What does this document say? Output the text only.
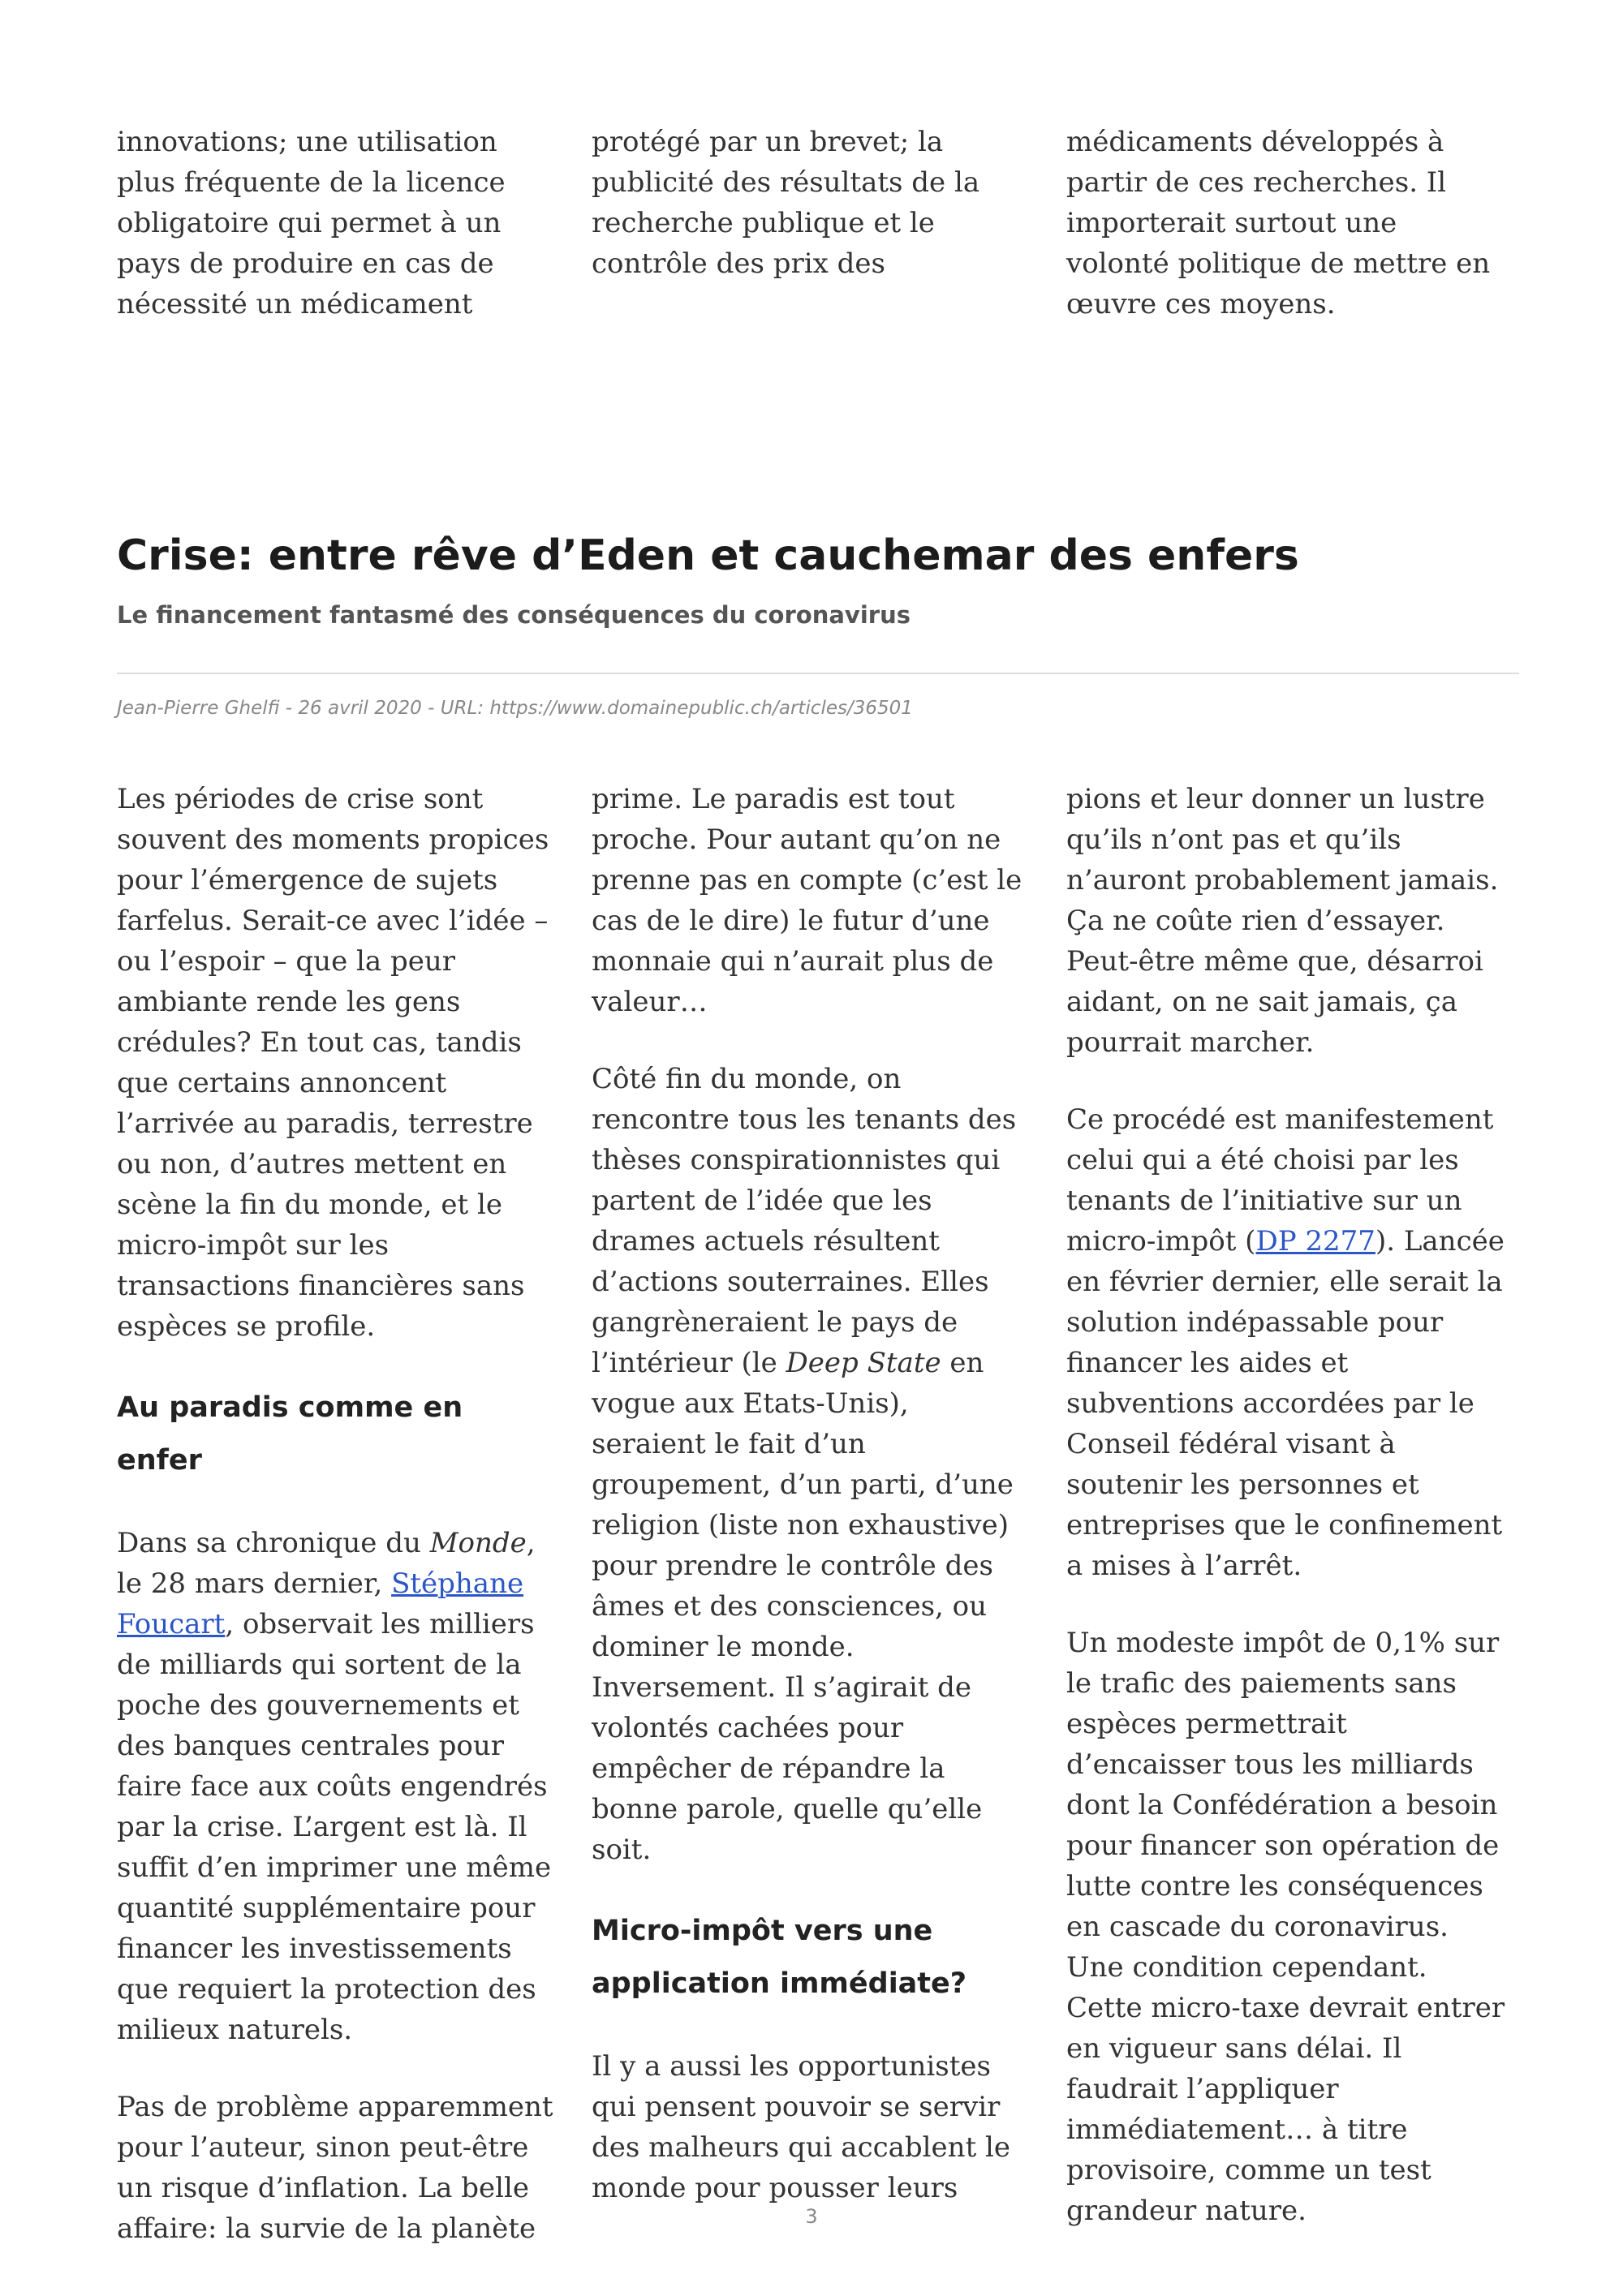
innovations; une utilisation plus fréquente de la licence obligatoire qui permet à un pays de produire en cas de nécessité un médicament

protégé par un brevet; la publicité des résultats de la recherche publique et le contrôle des prix des

médicaments développés à partir de ces recherches. Il importerait surtout une volonté politique de mettre en œuvre ces moyens.

Crise: entre rêve d’Eden et cauchemar des enfers
Le financement fantasmé des conséquences du coronavirus

Jean-Pierre Ghelfi - 26 avril 2020 - URL: https://www.domainepublic.ch/articles/36501

Les périodes de crise sont souvent des moments propices pour l’émergence de sujets farfelus. Serait-ce avec l’idée – ou l’espoir – que la peur ambiante rende les gens crédules? En tout cas, tandis que certains annoncent l’arrivée au paradis, terrestre ou non, d’autres mettent en scène la fin du monde, et le micro-impôt sur les transactions financières sans espèces se profile.

Au paradis comme en enfer

Dans sa chronique du Monde, le 28 mars dernier, Stéphane Foucart, observait les milliers de milliards qui sortent de la poche des gouvernements et des banques centrales pour faire face aux coûts engendrés par la crise. L’argent est là. Il suffit d’en imprimer une même quantité supplémentaire pour financer les investissements que requiert la protection des milieux naturels.

Pas de problème apparemment pour l’auteur, sinon peut-être un risque d’inflation. La belle affaire: la survie de la planète

prime. Le paradis est tout proche. Pour autant qu’on ne prenne pas en compte (c’est le cas de le dire) le futur d’une monnaie qui n’aurait plus de valeur…

Côté fin du monde, on rencontre tous les tenants des thèses conspirationnistes qui partent de l’idée que les drames actuels résultent d’actions souterraines. Elles gangrèneraient le pays de l’intérieur (le Deep State en vogue aux Etats-Unis), seraient le fait d’un groupement, d’un parti, d’une religion (liste non exhaustive) pour prendre le contrôle des âmes et des consciences, ou dominer le monde. Inversement. Il s’agirait de volontés cachées pour empêcher de répandre la bonne parole, quelle qu’elle soit.

Micro-impôt vers une application immédiate?

Il y a aussi les opportunistes qui pensent pouvoir se servir des malheurs qui accablent le monde pour pousser leurs

pions et leur donner un lustre qu’ils n’ont pas et qu’ils n’auront probablement jamais. Ça ne coûte rien d’essayer. Peut-être même que, désarroi aidant, on ne sait jamais, ça pourrait marcher.

Ce procédé est manifestement celui qui a été choisi par les tenants de l’initiative sur un micro-impôt (DP 2277). Lancée en février dernier, elle serait la solution indépassable pour financer les aides et subventions accordées par le Conseil fédéral visant à soutenir les personnes et entreprises que le confinement a mises à l’arrêt.

Un modeste impôt de 0,1% sur le trafic des paiements sans espèces permettrait d’encaisser tous les milliards dont la Confédération a besoin pour financer son opération de lutte contre les conséquences en cascade du coronavirus. Une condition cependant. Cette micro-taxe devrait entrer en vigueur sans délai. Il faudrait l’appliquer immédiatement… à titre provisoire, comme un test grandeur nature.

3
